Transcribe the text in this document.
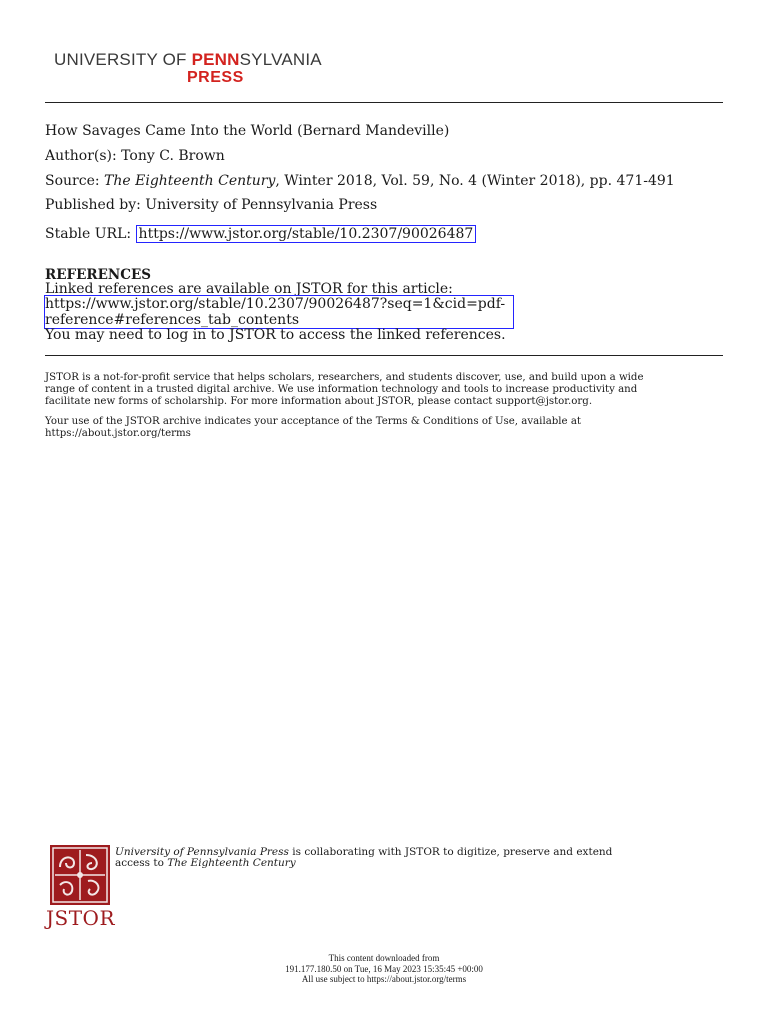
UNIVERSITY OF PENNSYLVANIA
PRESS
How Savages Came Into the World (Bernard Mandeville)
Author(s): Tony C. Brown
Source: The Eighteenth Century, Winter 2018, Vol. 59, No. 4 (Winter 2018), pp. 471-491
Published by: University of Pennsylvania Press
Stable URL: https://www.jstor.org/stable/10.2307/90026487
REFERENCES
Linked references are available on JSTOR for this article:
https://www.jstor.org/stable/10.2307/90026487?seq=1&cid=pdf-
reference#references_tab_contents
You may need to log in to JSTOR to access the linked references.
JSTOR is a not-for-profit service that helps scholars, researchers, and students discover, use, and build upon a wide
range of content in a trusted digital archive. We use information technology and tools to increase productivity and
facilitate new forms of scholarship. For more information about JSTOR, please contact support@jstor.org.
Your use of the JSTOR archive indicates your acceptance of the Terms & Conditions of Use, available at
https://about.jstor.org/terms
JSTOR
University of Pennsylvania Press is collaborating with JSTOR to digitize, preserve and extend
access to The Eighteenth Century
This content downloaded from
191.177.180.50 on Tue, 16 May 2023 15:35:45 +00:00
All use subject to https://about.jstor.org/terms
